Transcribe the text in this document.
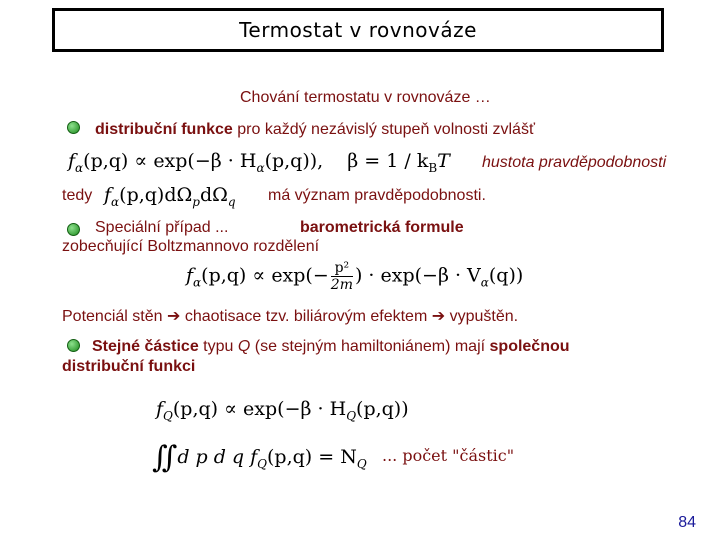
Termostat v rovnováze
Chování termostatu v rovnováze …
distribuční funkce pro každý nezávislý stupeň volnosti zvlášť
$f_\alpha(p,q) \propto \exp(-\beta \cdot H_\alpha(p,q))$, $\beta = 1 / k_BT$ hustota pravděpodobnosti
tedy $f_\alpha(p,q)d\Omega_pd\Omega_q$ má význam pravděpodobnosti.
Speciální případ ...	barometrická formule
zobecňující Boltzmannovo rozdělení
$f_\alpha(p,q) \propto \exp(- \frac{\text{p²}}{2m}$ ) · $\exp(-\beta \cdot V_\alpha(q))$
Potenciál stěn ➔ chaotisace tzv. biliárovým efektem ➔ vypuštěn.
Stejné částice typu Q (se stejným hamiltoniánem) mají společnou
distribuční funkci
$f_Q(p,q) \propto \exp(-\beta \cdot H_Q(p,q))$
∫∫ d p d q $f_Q(p,q) = N_Q$ ... počet "částic"
84
